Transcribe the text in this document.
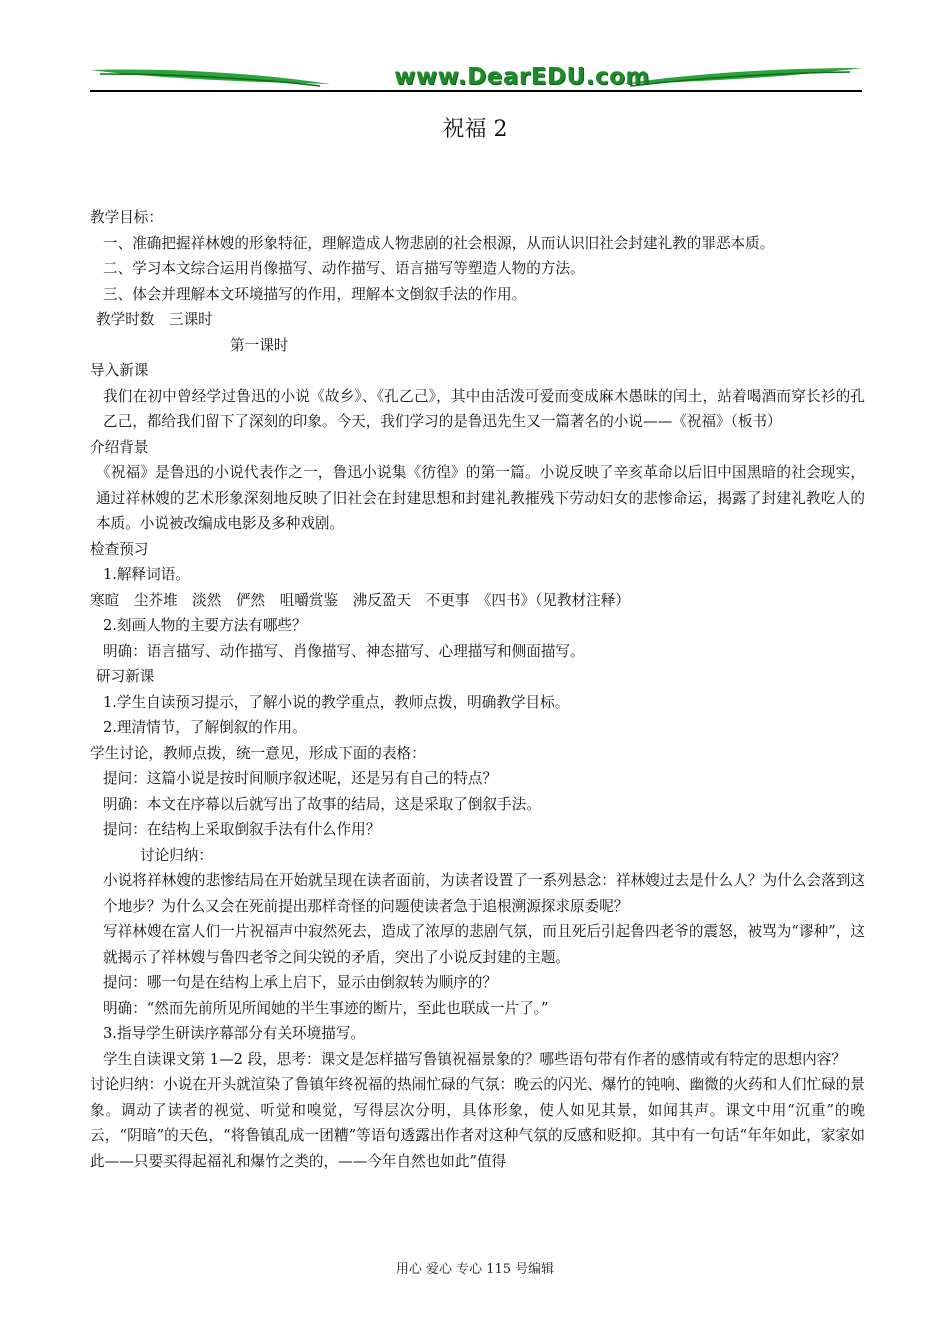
www.DearEDU.com
祝福 2

教学目标：

一、准确把握祥林嫂的形象特征，理解造成人物悲剧的社会根源，从而认识旧社会封建礼教的罪恶本质。

二、学习本文综合运用肖像描写、动作描写、语言描写等塑造人物的方法。

三、体会并理解本文环境描写的作用，理解本文倒叙手法的作用。

教学时数　三课时

第一课时

导入新课

我们在初中曾经学过鲁迅的小说《故乡》、《孔乙己》，其中由活泼可爱而变成麻木愚昧的闰土，站着喝酒而穿长衫的孔乙己，都给我们留下了深刻的印象。今天，我们学习的是鲁迅先生又一篇著名的小说——《祝福》（板书）

介绍背景

《祝福》是鲁迅的小说代表作之一，鲁迅小说集《彷徨》的第一篇。小说反映了辛亥革命以后旧中国黑暗的社会现实，通过祥林嫂的艺术形象深刻地反映了旧社会在封建思想和封建礼教摧残下劳动妇女的悲惨命运，揭露了封建礼教吃人的本质。小说被改编成电影及多种戏剧。

检查预习

1.解释词语。

寒暄　尘芥堆　淡然　俨然　咀嚼赏鉴　沸反盈天　不更事　《四书》（见教材注释）

2.刻画人物的主要方法有哪些？

明确：语言描写、动作描写、肖像描写、神态描写、心理描写和侧面描写。

研习新课

1.学生自读预习提示，了解小说的教学重点，教师点拨，明确教学目标。

2.理清情节，了解倒叙的作用。

学生讨论，教师点拨，统一意见，形成下面的表格：

提问：这篇小说是按时间顺序叙述呢，还是另有自己的特点？

明确：本文在序幕以后就写出了故事的结局，这是采取了倒叙手法。

提问：在结构上采取倒叙手法有什么作用？

讨论归纳：

小说将祥林嫂的悲惨结局在开始就呈现在读者面前，为读者设置了一系列悬念：祥林嫂过去是什么人？为什么会落到这个地步？为什么又会在死前提出那样奇怪的问题使读者急于追根溯源探求原委呢？

写祥林嫂在富人们一片祝福声中寂然死去，造成了浓厚的悲剧气氛，而且死后引起鲁四老爷的震怒，被骂为“谬种”，这就揭示了祥林嫂与鲁四老爷之间尖锐的矛盾，突出了小说反封建的主题。

提问：哪一句是在结构上承上启下，显示由倒叙转为顺序的？

明确：“然而先前所见所闻她的半生事迹的断片，至此也联成一片了。”

3.指导学生研读序幕部分有关环境描写。

学生自读课文第 1—2 段，思考：课文是怎样描写鲁镇祝福景象的？哪些语句带有作者的感情或有特定的思想内容？

讨论归纳：小说在开头就渲染了鲁镇年终祝福的热闹忙碌的气氛：晚云的闪光、爆竹的钝响、幽微的火药和人们忙碌的景象。调动了读者的视觉、听觉和嗅觉，写得层次分明，具体形象，使人如见其景，如闻其声。课文中用“沉重”的晚云，“阴暗”的天色，“将鲁镇乱成一团糟”等语句透露出作者对这种气氛的反感和贬抑。其中有一句话“年年如此，家家如此——只要买得起福礼和爆竹之类的，——今年自然也如此”值得

用心 爱心 专心 115 号编辑
